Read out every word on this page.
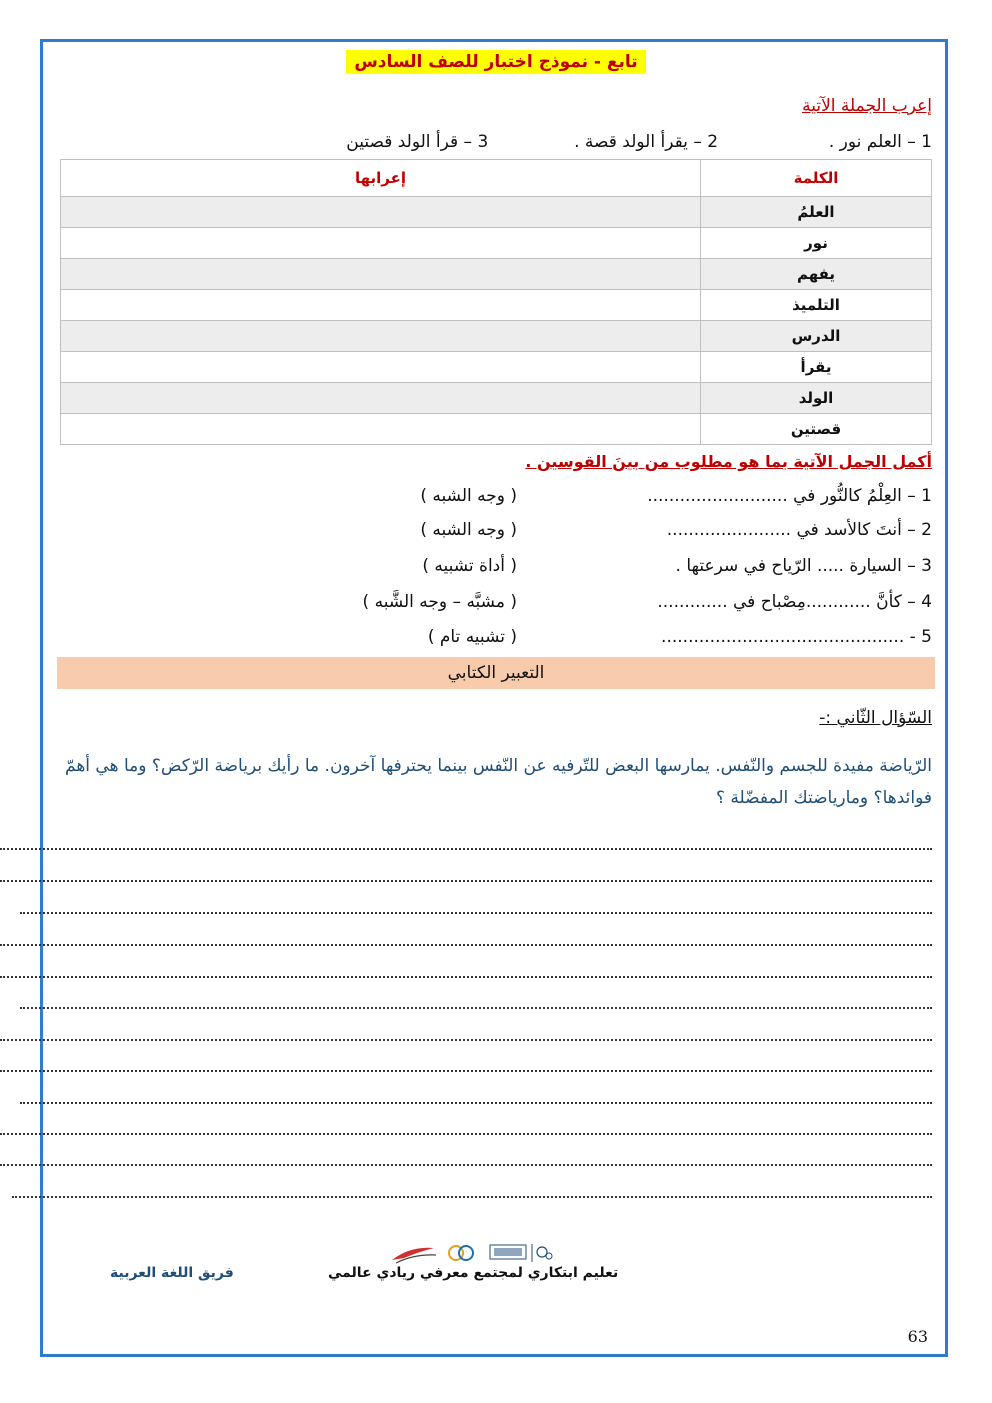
تابع - نموذج اختبار للصف السادس
إعرب الجملة الآتية
1 – العلم نور .  2 – يقرأ الولد قصة .  3 – قرأ الولد قصتين
الكلمة	إعرابها
العلمُ	
نور	
يفهم	
التلميذ	
الدرس	
يقرأ	
الولد	
قصتين	
أكمل الجمل الآتية بما هو مطلوب من بينَ القوسين .
1 – العِلْمُ كالنُّور في ..........................
( وجه الشبه )
2 – أنتَ كالأسد في .......................
( وجه الشبه )
3 – السيارة ..... الرّياح في سرعتها .
( أداة تشبيه )
4 – كأنَّ ............مِصْباح في .............
( مشبَّه – وجه الشَّبه )
5 - .............................................
( تشبيه تام )
التعبير الكتابي
السّؤال الثّاني :-
الرّياضة مفيدة للجسم والنّفس. يمارسها البعض للتّرفيه عن النّفس بينما يحترفها آخرون. ما رأيك برياضة الرّكض؟ وما هي أهمّ فوائدها؟ ومارياضتك المفضّلة ؟
تعليم ابتكاري لمجتمع معرفي ريادي عالمي
فريق اللغة العربية
63
